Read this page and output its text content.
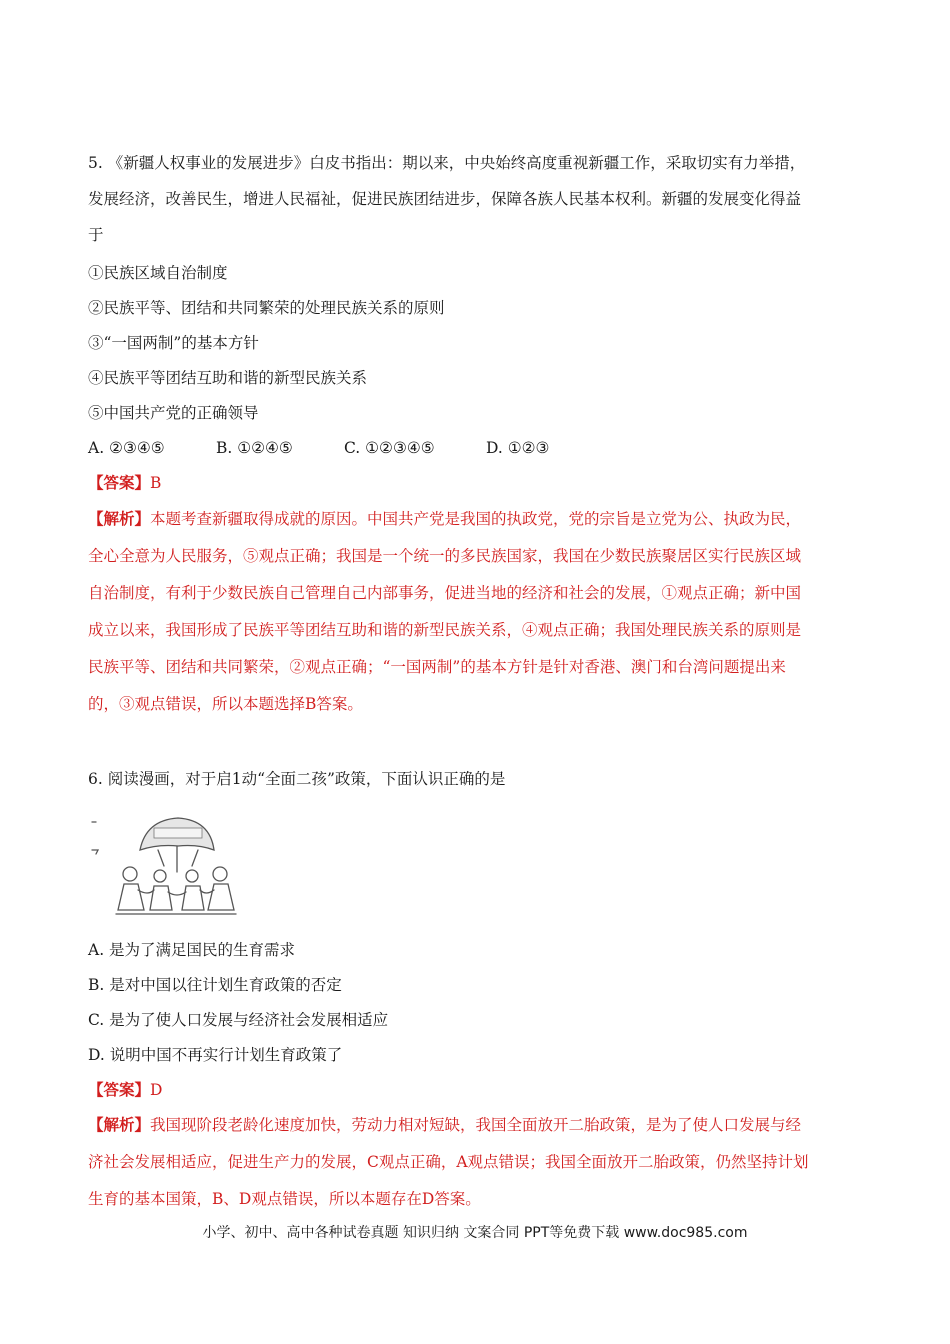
5. 《新疆人权事业的发展进步》白皮书指出：期以来，中央始终高度重视新疆工作，采取切实有力举措，
发展经济，改善民生，增进人民福祉，促进民族团结进步，保障各族人民基本权利。新疆的发展变化得益
于
①民族区域自治制度
②民族平等、团结和共同繁荣的处理民族关系的原则
③“一国两制”的基本方针
④民族平等团结互助和谐的新型民族关系
⑤中国共产党的正确领导
A. ②③④⑤	B. ①②④⑤	C. ①②③④⑤	D. ①②③
【答案】B
【解析】本题考查新疆取得成就的原因。中国共产党是我国的执政党，党的宗旨是立党为公、执政为民，
全心全意为人民服务，⑤观点正确；我国是一个统一的多民族国家，我国在少数民族聚居区实行民族区域
自治制度，有利于少数民族自己管理自己内部事务，促进当地的经济和社会的发展，①观点正确；新中国
成立以来，我国形成了民族平等团结互助和谐的新型民族关系，④观点正确；我国处理民族关系的原则是
民族平等、团结和共同繁荣，②观点正确；“一国两制”的基本方针是针对香港、澳门和台湾问题提出来
的，③观点错误，所以本题选择B答案。
6. 阅读漫画，对于启1动“全面二孩”政策，下面认识正确的是
A. 是为了满足国民的生育需求
B. 是对中国以往计划生育政策的否定
C. 是为了使人口发展与经济社会发展相适应
D. 说明中国不再实行计划生育政策了
【答案】D
【解析】我国现阶段老龄化速度加快，劳动力相对短缺，我国全面放开二胎政策，是为了使人口发展与经
济社会发展相适应，促进生产力的发展，C观点正确，A观点错误；我国全面放开二胎政策，仍然坚持计划
生育的基本国策，B、D观点错误，所以本题存在D答案。
小学、初中、高中各种试卷真题 知识归纳 文案合同 PPT等免费下载 www.doc985.com
